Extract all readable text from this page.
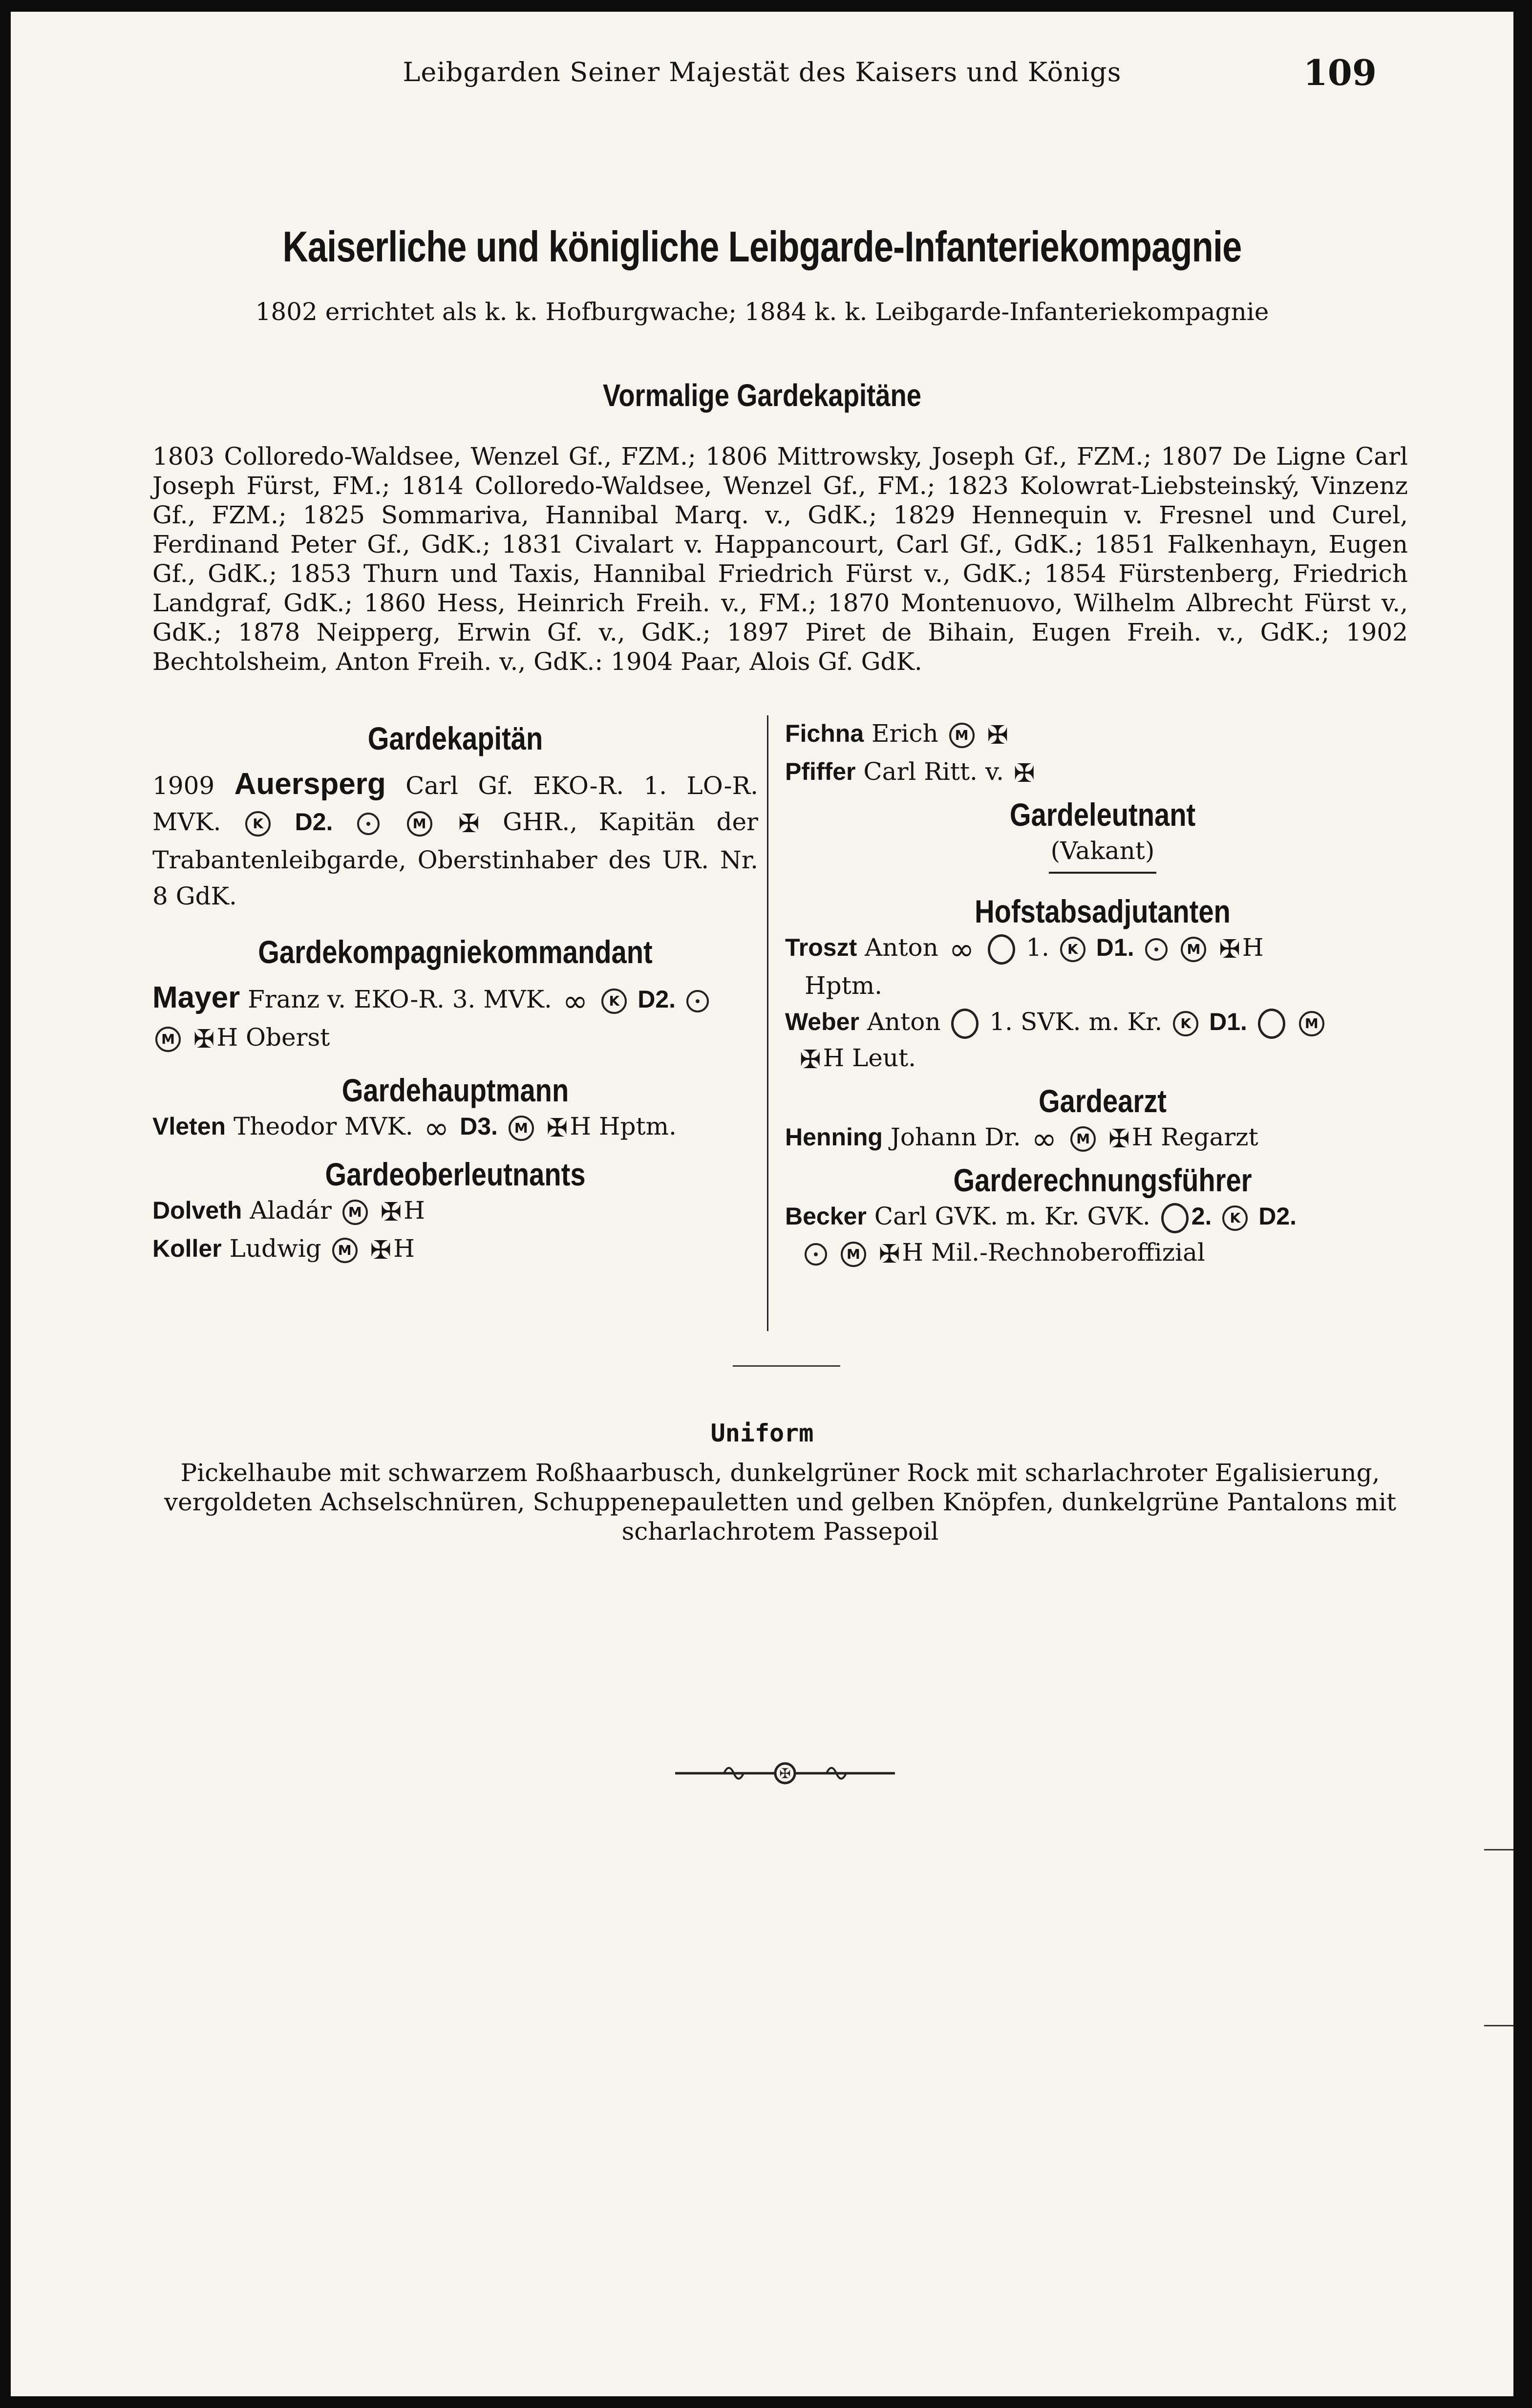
Leibgarden Seiner Majestät des Kaisers und Königs	109
Kaiserliche und königliche Leibgarde-Infanteriekompagnie
1802 errichtet als k. k. Hofburgwache; 1884 k. k. Leibgarde-Infanteriekompagnie
Vormalige Gardekapitäne
1803 Colloredo-Waldsee, Wenzel Gf., FZM.; 1806 Mittrowsky, Joseph Gf., FZM.; 1807 De Ligne Carl Joseph Fürst, FM.; 1814 Colloredo-Waldsee, Wenzel Gf., FM.; 1823 Kolowrat-Liebsteinský, Vinzenz Gf., FZM.; 1825 Sommariva, Hannibal Marq. v., GdK.; 1829 Hennequin v. Fresnel und Curel, Ferdinand Peter Gf., GdK.; 1831 Civalart v. Happancourt, Carl Gf., GdK.; 1851 Falkenhayn, Eugen Gf., GdK.; 1853 Thurn und Taxis, Hannibal Friedrich Fürst v., GdK.; 1854 Fürstenberg, Friedrich Landgraf, GdK.; 1860 Hess, Heinrich Freih. v., FM.; 1870 Montenuovo, Wilhelm Albrecht Fürst v., GdK.; 1878 Neipperg, Erwin Gf. v., GdK.; 1897 Piret de Bihain, Eugen Freih. v., GdK.; 1902 Bechtolsheim, Anton Freih. v., GdK.: 1904 Paar, Alois Gf. GdK.
Gardekapitän

1909 Auersperg Carl Gf. EKO-R. 1. LO-R. MVK. K D2.	M ✠ GHR., Kapitän der Trabantenleibgarde, Oberstinhaber des UR. Nr. 8 GdK.

Gardekompagniekommandant

Mayer Franz v. EKO-R. 3. MVK. ∞ K D2.
M ✠H Oberst

Gardehauptmann

Vleten Theodor MVK. ∞ D3. M ✠H Hptm.

Gardeoberleutnants

Dolveth Aladár M ✠H

Koller Ludwig M ✠H

Fichna Erich M ✠

Pfiffer Carl Ritt. v. ✠

Gardeleutnant
(Vakant)
Hofstabsadjutanten

Troszt Anton ∞ 1. K D1.	M ✠H
Hptm.

Weber Anton 1. SVK. m. Kr. K D1.	M
✠H Leut.

Gardearzt

Henning Johann Dr. ∞ M ✠H Regarzt

Garderechnungsführer

Becker Carl GVK. m. Kr. GVK. 2. K D2.
M ✠H Mil.-Rechnoberoffizial

Uniform
Pickelhaube mit schwarzem Roßhaarbusch, dunkelgrüner Rock mit scharlachroter Egalisierung, vergoldeten Achselschnüren, Schuppenepauletten und gelben Knöpfen, dunkelgrüne Pantalons mit scharlachrotem Passepoil
✠
